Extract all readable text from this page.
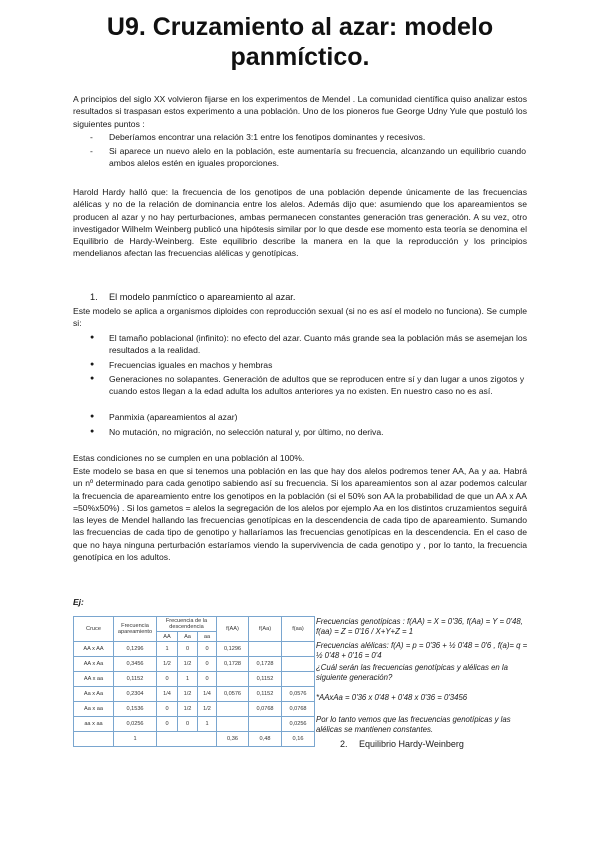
U9. Cruzamiento al azar: modelo panmíctico.

A principios del siglo XX volvieron fijarse en los experimentos de Mendel . La comunidad científica quiso analizar estos resultados si traspasan estos experimento a una población. Uno de los pioneros fue George Udny Yule que postuló los siguientes puntos :

- Deberíamos encontrar una relación 3:1 entre los fenotipos dominantes y recesivos.
- Si aparece un nuevo alelo en la población, este aumentaría su frecuencia, alcanzando un equilibrio cuando ambos alelos estén en iguales proporciones.

Harold Hardy halló que: la frecuencia de los genotipos de una población depende únicamente de las frecuencias alélicas y no de la relación de dominancia entre los alelos. Además dijo que: asumiendo que los apareamientos se producen al azar y no hay perturbaciones, ambas permanecen constantes generación tras generación. A su vez, otro investigador Wilhelm Weinberg publicó una hipótesis similar por lo que desde ese momento esta teoría se denomina el Equilibrio de Hardy-Weinberg. Este equilibrio describe la manera en la que la reproducción y los principios mendelianos afectan las frecuencias alélicas y genotípicas.

1. El modelo panmíctico o apareamiento al azar.

Este modelo se aplica a organismos diploides con reproducción sexual (si no es así el modelo no funciona). Se cumple si:

● El tamaño poblacional (infinito): no efecto del azar. Cuanto más grande sea la población más se asemejan los resultados a la realidad.
● Frecuencias iguales en machos y hembras
● Generaciones no solapantes. Generación de adultos que se reproducen entre sí y dan lugar a unos zigotos y cuando estos llegan a la edad adulta los adultos anteriores ya no existen. En nuestro caso no es así.
● Panmixia (apareamientos al azar)
● No mutación, no migración, no selección natural y, por último, no deriva.

Estas condiciones no se cumplen en una población al 100%.

Este modelo se basa en que si tenemos una población en las que hay dos alelos podremos tener AA, Aa y aa. Habrá un nº determinado para cada genotipo sabiendo así su frecuencia. Si los apareamientos son al azar podemos calcular la frecuencia de apareamiento entre los genotipos en la población (si el 50% son AA la probabilidad de que un AA x AA =50%x50%) . Si los gametos = alelos la segregación de los alelos por ejemplo Aa en los distintos cruzamientos seguirá las leyes de Mendel hallando las frecuencias genotípicas en la descendencia de cada tipo de apareamiento. Sumando las frecuencias de cada tipo de genotipo y hallaríamos las frecuencias genotípicas en la descendencia. En el caso de que no haya ninguna perturbación estaríamos viendo la supervivencia de cada genotipo y , por lo tanto, la frecuencia genotípica en los adultos.

Ej:
Cruce	Frecuencia apareamiento	Frecuencia de la descendencia			f(AA)	f(Aa)	f(aa)
		AA	Aa	aa			
AA x AA	0,1296	1	0	0	0,1296		
AA x Aa	0,3456	1/2	1/2	0	0,1728	0,1728	
AA x aa	0,1152	0	1	0		0,1152	
Aa x Aa	0,2304	1/4	1/2	1/4	0,0576	0,1152	0,0576
Aa x aa	0,1536	0	1/2	1/2		0,0768	0,0768
aa x aa	0,0256	0	0	1			0,0256
	1				0,36	0,48	0,16
Frecuencias genotípicas : f(AA) = X = 0'36, f(Aa) = Y = 0'48, f(aa) = Z = 0'16 / X+Y+Z = 1
Frecuencias alélicas: f(A) = p = 0'36 + ½ 0'48 = 0'6 , f(a)= q = ½ 0'48 + 0'16 = 0'4
¿Cuál serán las frecuencias genotípicas y alélicas en la siguiente generación?
*AAxAa = 0'36 x 0'48 + 0'48 x 0'36 = 0'3456
Por lo tanto vemos que las frecuencias genotípicas y las alélicas se mantienen constantes.
2. Equilibrio Hardy-Weinberg
